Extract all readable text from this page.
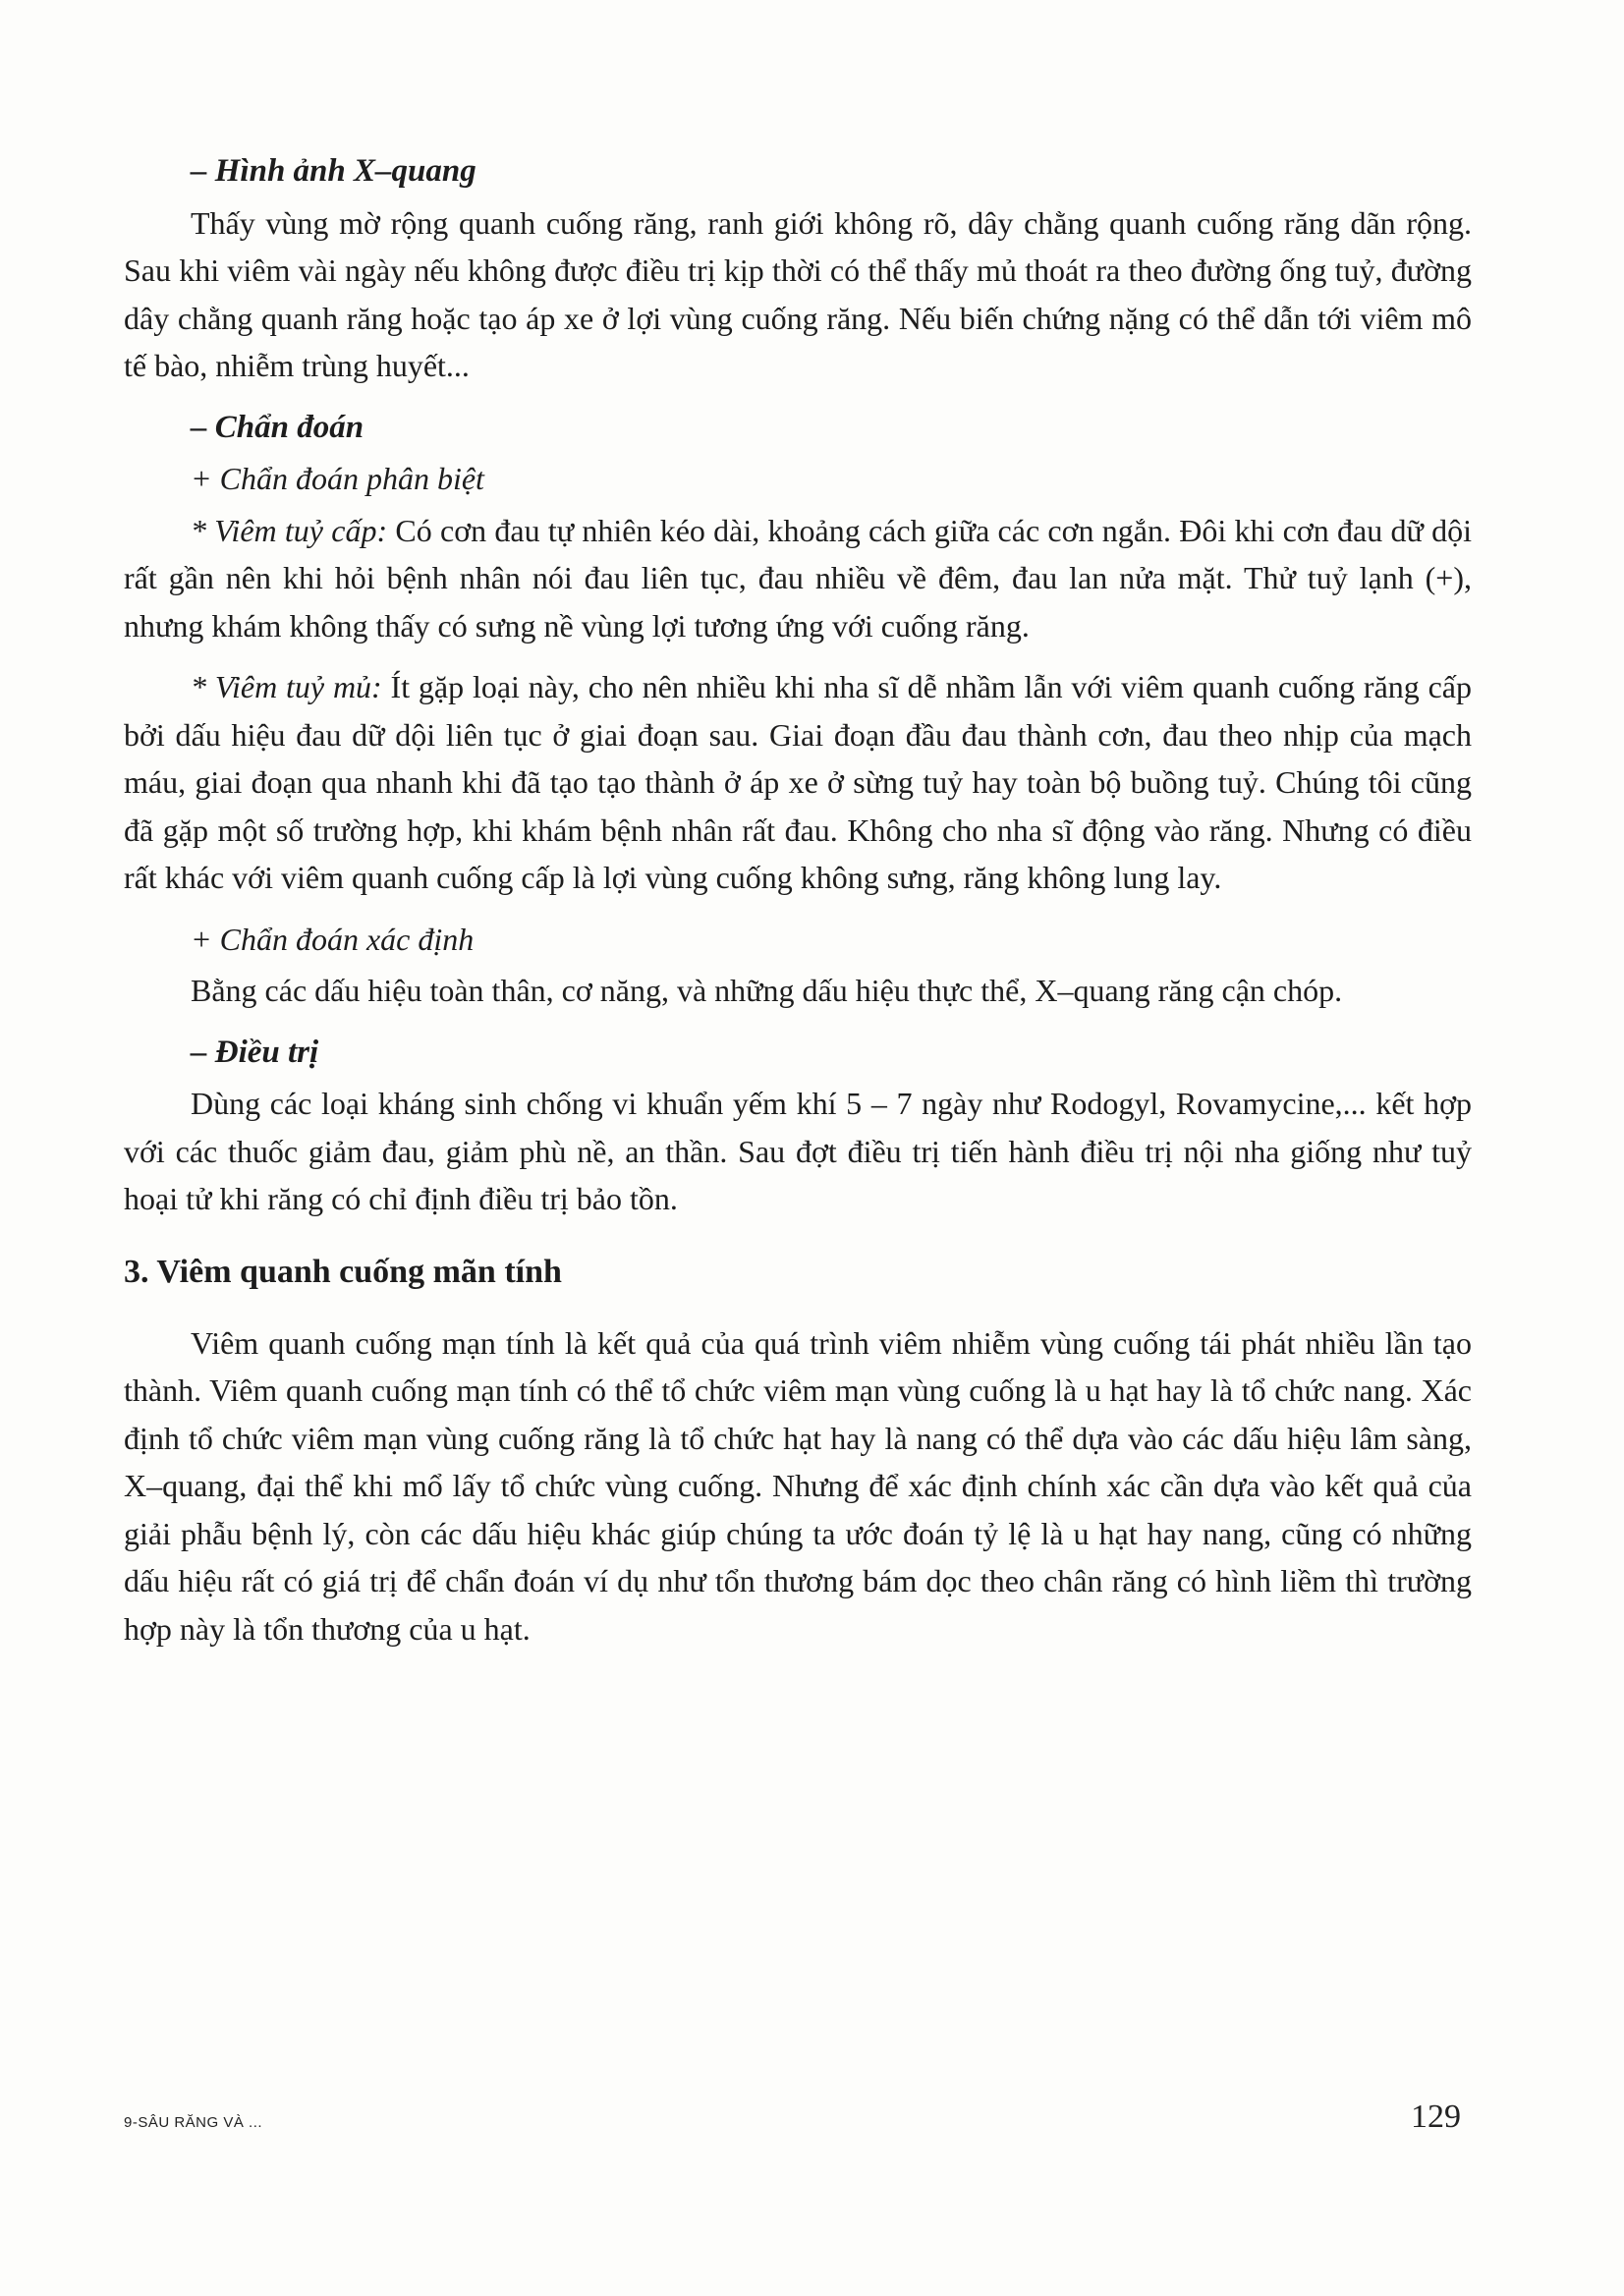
– Hình ảnh X–quang

Thấy vùng mờ rộng quanh cuống răng, ranh giới không rõ, dây chằng quanh cuống răng dãn rộng. Sau khi viêm vài ngày nếu không được điều trị kịp thời có thể thấy mủ thoát ra theo đường ống tuỷ, đường dây chằng quanh răng hoặc tạo áp xe ở lợi vùng cuống răng. Nếu biến chứng nặng có thể dẫn tới viêm mô tế bào, nhiễm trùng huyết...

– Chẩn đoán

+ Chẩn đoán phân biệt

* Viêm tuỷ cấp: Có cơn đau tự nhiên kéo dài, khoảng cách giữa các cơn ngắn. Đôi khi cơn đau dữ dội rất gần nên khi hỏi bệnh nhân nói đau liên tục, đau nhiều về đêm, đau lan nửa mặt. Thử tuỷ lạnh (+), nhưng khám không thấy có sưng nề vùng lợi tương ứng với cuống răng.

* Viêm tuỷ mủ: Ít gặp loại này, cho nên nhiều khi nha sĩ dễ nhầm lẫn với viêm quanh cuống răng cấp bởi dấu hiệu đau dữ dội liên tục ở giai đoạn sau. Giai đoạn đầu đau thành cơn, đau theo nhịp của mạch máu, giai đoạn qua nhanh khi đã tạo tạo thành ở áp xe ở sừng tuỷ hay toàn bộ buồng tuỷ. Chúng tôi cũng đã gặp một số trường hợp, khi khám bệnh nhân rất đau. Không cho nha sĩ động vào răng. Nhưng có điều rất khác với viêm quanh cuống cấp là lợi vùng cuống không sưng, răng không lung lay.

+ Chẩn đoán xác định

Bằng các dấu hiệu toàn thân, cơ năng, và những dấu hiệu thực thể, X–quang răng cận chóp.

– Điều trị

Dùng các loại kháng sinh chống vi khuẩn yếm khí 5 – 7 ngày như Rodogyl, Rovamycine,... kết hợp với các thuốc giảm đau, giảm phù nề, an thần. Sau đợt điều trị tiến hành điều trị nội nha giống như tuỷ hoại tử khi răng có chỉ định điều trị bảo tồn.

3. Viêm quanh cuống mãn tính

Viêm quanh cuống mạn tính là kết quả của quá trình viêm nhiễm vùng cuống tái phát nhiều lần tạo thành. Viêm quanh cuống mạn tính có thể tổ chức viêm mạn vùng cuống là u hạt hay là tổ chức nang. Xác định tổ chức viêm mạn vùng cuống răng là tổ chức hạt hay là nang có thể dựa vào các dấu hiệu lâm sàng, X–quang, đại thể khi mổ lấy tổ chức vùng cuống. Nhưng để xác định chính xác cần dựa vào kết quả của giải phẫu bệnh lý, còn các dấu hiệu khác giúp chúng ta ước đoán tỷ lệ là u hạt hay nang, cũng có những dấu hiệu rất có giá trị để chẩn đoán ví dụ như tổn thương bám dọc theo chân răng có hình liềm thì trường hợp này là tổn thương của u hạt.

9-SÂU RĂNG VÀ ...	129
